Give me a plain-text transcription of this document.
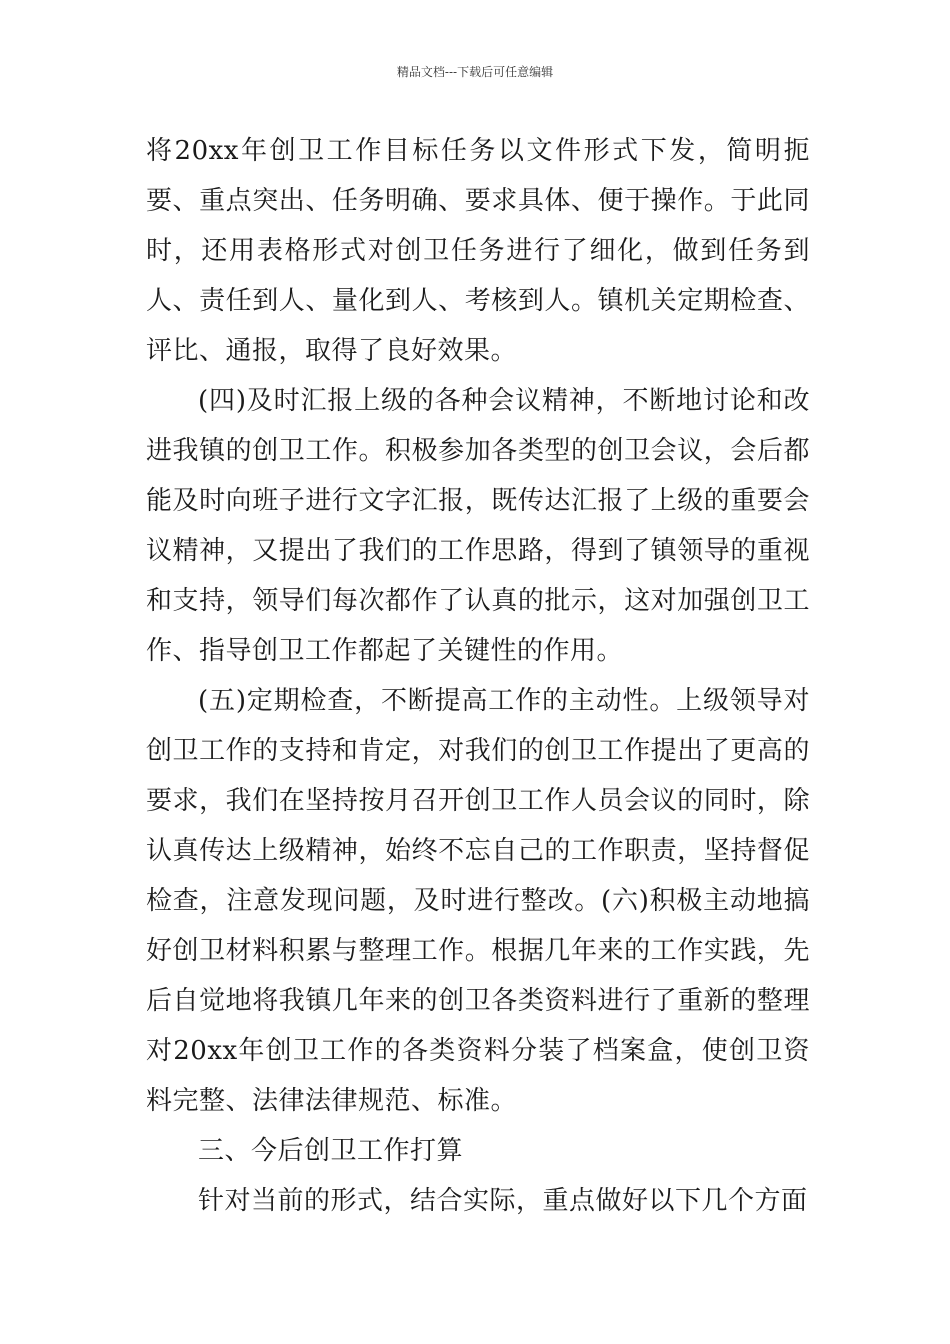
精品文档---下载后可任意编辑

将20xx年创卫工作目标任务以文件形式下发，简明扼要、重点突出、任务明确、要求具体、便于操作。于此同时，还用表格形式对创卫任务进行了细化，做到任务到人、责任到人、量化到人、考核到人。镇机关定期检查、评比、通报，取得了良好效果。

(四)及时汇报上级的各种会议精神，不断地讨论和改进我镇的创卫工作。积极参加各类型的创卫会议，会后都能及时向班子进行文字汇报，既传达汇报了上级的重要会议精神，又提出了我们的工作思路，得到了镇领导的重视和支持，领导们每次都作了认真的批示，这对加强创卫工作、指导创卫工作都起了关键性的作用。

(五)定期检查，不断提高工作的主动性。上级领导对创卫工作的支持和肯定，对我们的创卫工作提出了更高的要求，我们在坚持按月召开创卫工作人员会议的同时，除认真传达上级精神，始终不忘自己的工作职责，坚持督促检查，注意发现问题，及时进行整改。(六)积极主动地搞好创卫材料积累与整理工作。根据几年来的工作实践，先后自觉地将我镇几年来的创卫各类资料进行了重新的整理对20xx年创卫工作的各类资料分装了档案盒，使创卫资料完整、法律法律规范、标准。

三、今后创卫工作打算

针对当前的形式，结合实际，重点做好以下几个方面
